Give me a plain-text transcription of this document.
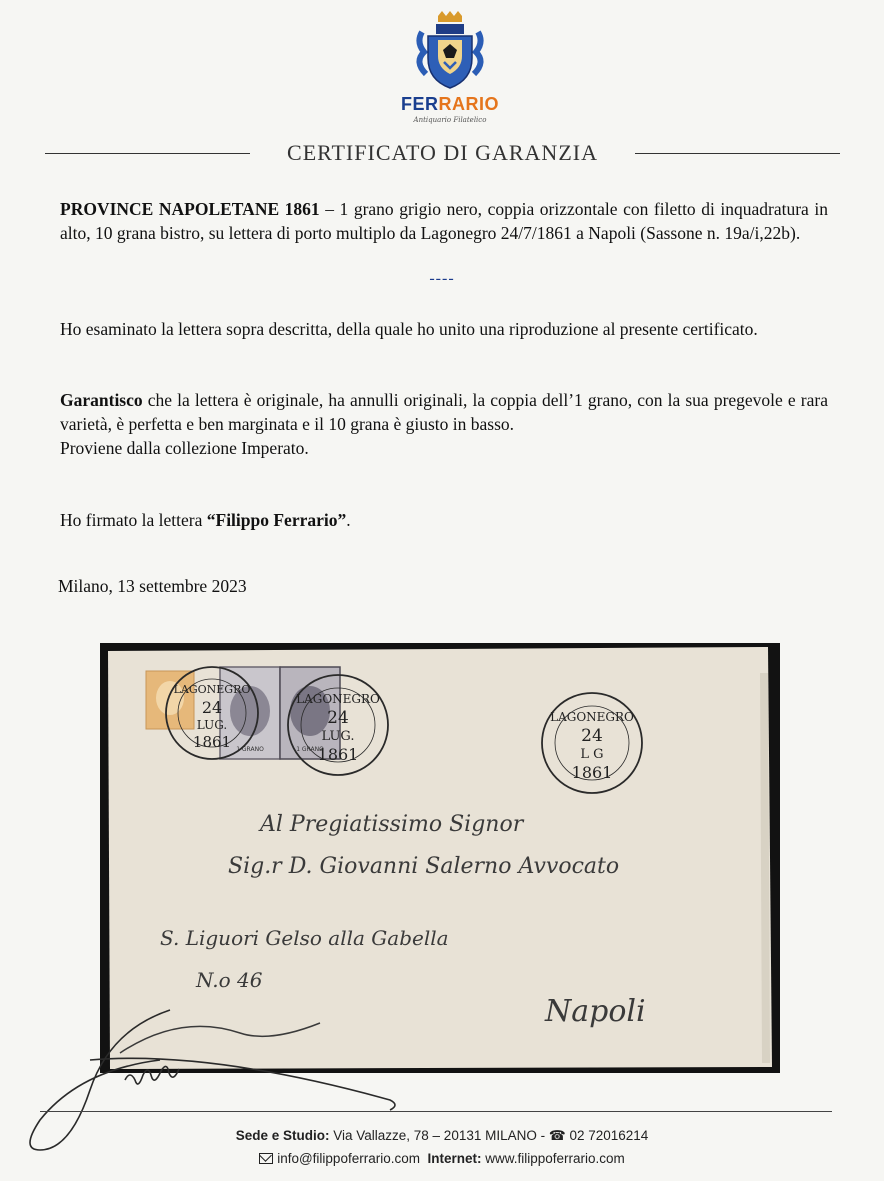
FERRARIO
Antiquario Filatelico
CERTIFICATO DI GARANZIA

PROVINCE NAPOLETANE 1861 – 1 grano grigio nero, coppia orizzontale con filetto di inquadratura in alto, 10 grana bistro, su lettera di porto multiplo da Lagonegro 24/7/1861 a Napoli (Sassone n. 19a/i,22b).

----

Ho esaminato la lettera sopra descritta, della quale ho unito una riproduzione al presente certificato.

Garantisco che la lettera è originale, ha annulli originali, la coppia dell’1 grano, con la sua pregevole e rara varietà, è perfetta e ben marginata e il 10 grana è giusto in basso.
Proviene dalla collezione Imperato.

Ho firmato la lettera “Filippo Ferrario”.

Milano, 13 settembre 2023

1 GRANO	1 GRANO
LAGONEGRO
24
LUG.
1861
LAGONEGRO
24
LUG.
1861
LAGONEGRO
24
L G
1861
Al Pregiatissimo Signor
Sig.r D. Giovanni Salerno Avvocato
S. Liguori Gelso alla Gabella
N.o 46
Napoli
Sede e Studio: Via Vallazze, 78 – 20131 MILANO - ☎ 02 72016214
info@filippoferrario.com Internet: www.filippoferrario.com
